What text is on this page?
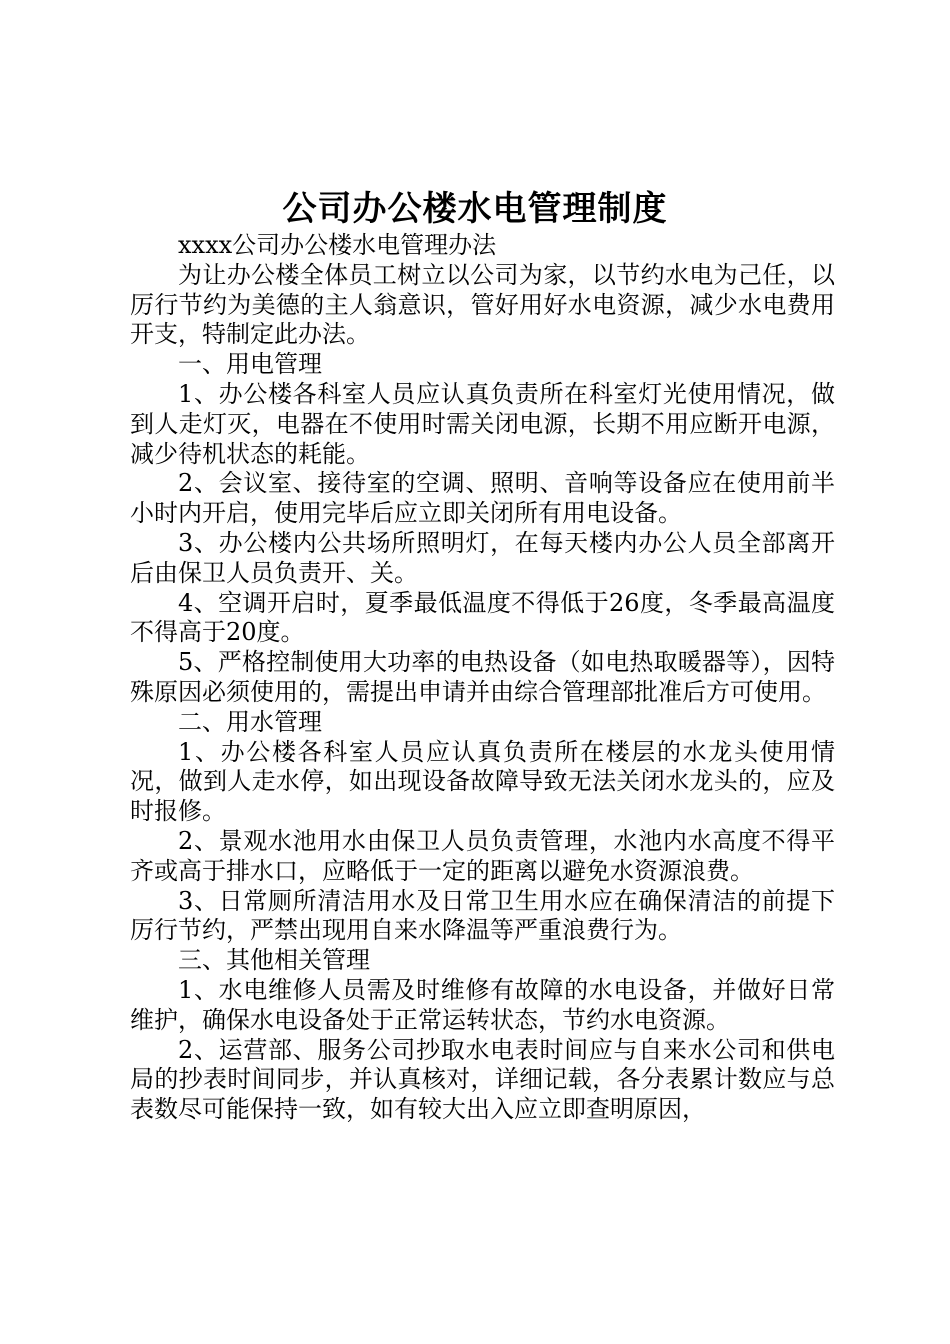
公司办公楼水电管理制度

xxxx公司办公楼水电管理办法

为让办公楼全体员工树立以公司为家，以节约水电为己任，以厉行节约为美德的主人翁意识，管好用好水电资源，减少水电费用开支，特制定此办法。

一、用电管理

1、办公楼各科室人员应认真负责所在科室灯光使用情况，做到人走灯灭，电器在不使用时需关闭电源，长期不用应断开电源，减少待机状态的耗能。

2、会议室、接待室的空调、照明、音响等设备应在使用前半小时内开启，使用完毕后应立即关闭所有用电设备。

3、办公楼内公共场所照明灯，在每天楼内办公人员全部离开后由保卫人员负责开、关。

4、空调开启时，夏季最低温度不得低于26度，冬季最高温度不得高于20度。

5、严格控制使用大功率的电热设备（如电热取暖器等），因特殊原因必须使用的，需提出申请并由综合管理部批准后方可使用。

二、用水管理

1、办公楼各科室人员应认真负责所在楼层的水龙头使用情况，做到人走水停，如出现设备故障导致无法关闭水龙头的，应及时报修。

2、景观水池用水由保卫人员负责管理，水池内水高度不得平齐或高于排水口，应略低于一定的距离以避免水资源浪费。

3、日常厕所清洁用水及日常卫生用水应在确保清洁的前提下厉行节约，严禁出现用自来水降温等严重浪费行为。

三、其他相关管理

1、水电维修人员需及时维修有故障的水电设备，并做好日常维护，确保水电设备处于正常运转状态，节约水电资源。

2、运营部、服务公司抄取水电表时间应与自来水公司和供电局的抄表时间同步，并认真核对，详细记载，各分表累计数应与总表数尽可能保持一致，如有较大出入应立即查明原因，
